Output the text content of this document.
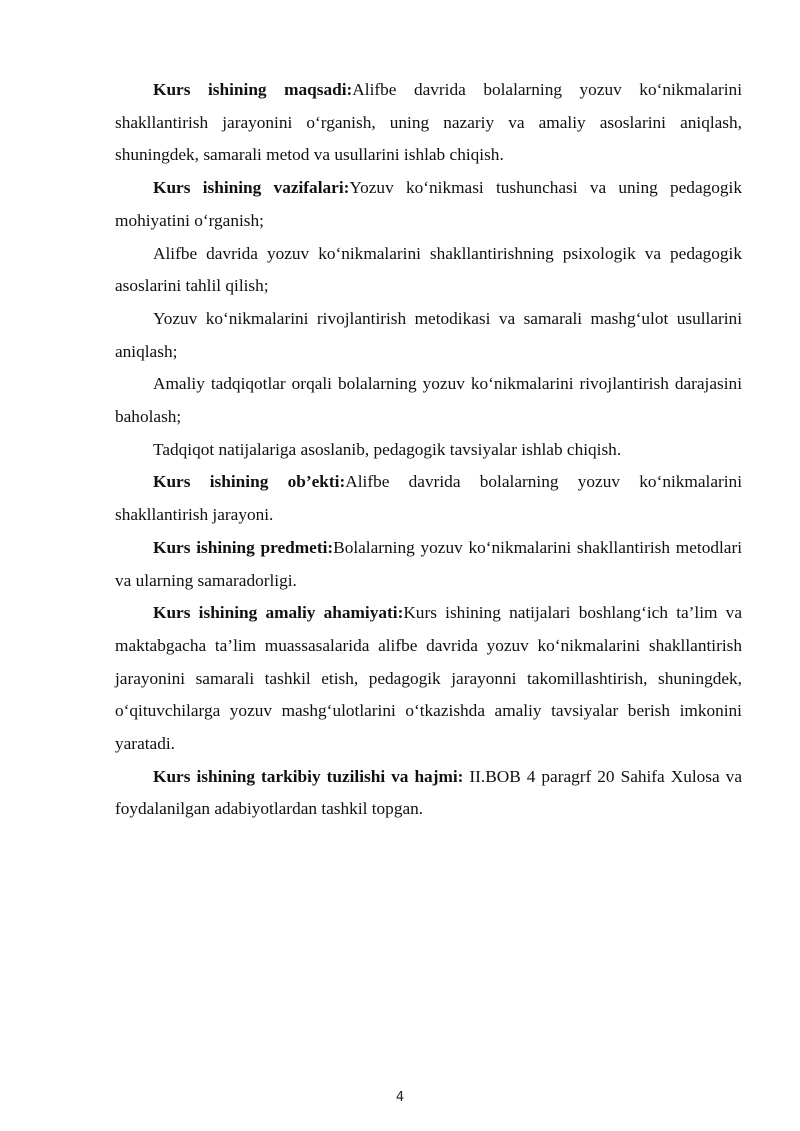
Kurs ishining maqsadi:Alifbe davrida bolalarning yozuv ko‘nikmalarini shakllantirish jarayonini o‘rganish, uning nazariy va amaliy asoslarini aniqlash, shuningdek, samarali metod va usullarini ishlab chiqish.

Kurs ishining vazifalari:Yozuv ko‘nikmasi tushunchasi va uning pedagogik mohiyatini o‘rganish;

Alifbe davrida yozuv ko‘nikmalarini shakllantirishning psixologik va pedagogik asoslarini tahlil qilish;

Yozuv ko‘nikmalarini rivojlantirish metodikasi va samarali mashg‘ulot usullarini aniqlash;

Amaliy tadqiqotlar orqali bolalarning yozuv ko‘nikmalarini rivojlantirish darajasini baholash;

Tadqiqot natijalariga asoslanib, pedagogik tavsiyalar ishlab chiqish.

Kurs ishining ob’ekti:Alifbe davrida bolalarning yozuv ko‘nikmalarini shakllantirish jarayoni.

Kurs ishining predmeti:Bolalarning yozuv ko‘nikmalarini shakllantirish metodlari va ularning samaradorligi.

Kurs ishining amaliy ahamiyati:Kurs ishining natijalari boshlang‘ich ta’lim va maktabgacha ta’lim muassasalarida alifbe davrida yozuv ko‘nikmalarini shakllantirish jarayonini samarali tashkil etish, pedagogik jarayonni takomillashtirish, shuningdek, o‘qituvchilarga yozuv mashg‘ulotlarini o‘tkazishda amaliy tavsiyalar berish imkonini yaratadi.

Kurs ishining tarkibiy tuzilishi va hajmi: II.BOB 4 paragrf 20 Sahifa Xulosa va foydalanilgan adabiyotlardan tashkil topgan.

4
